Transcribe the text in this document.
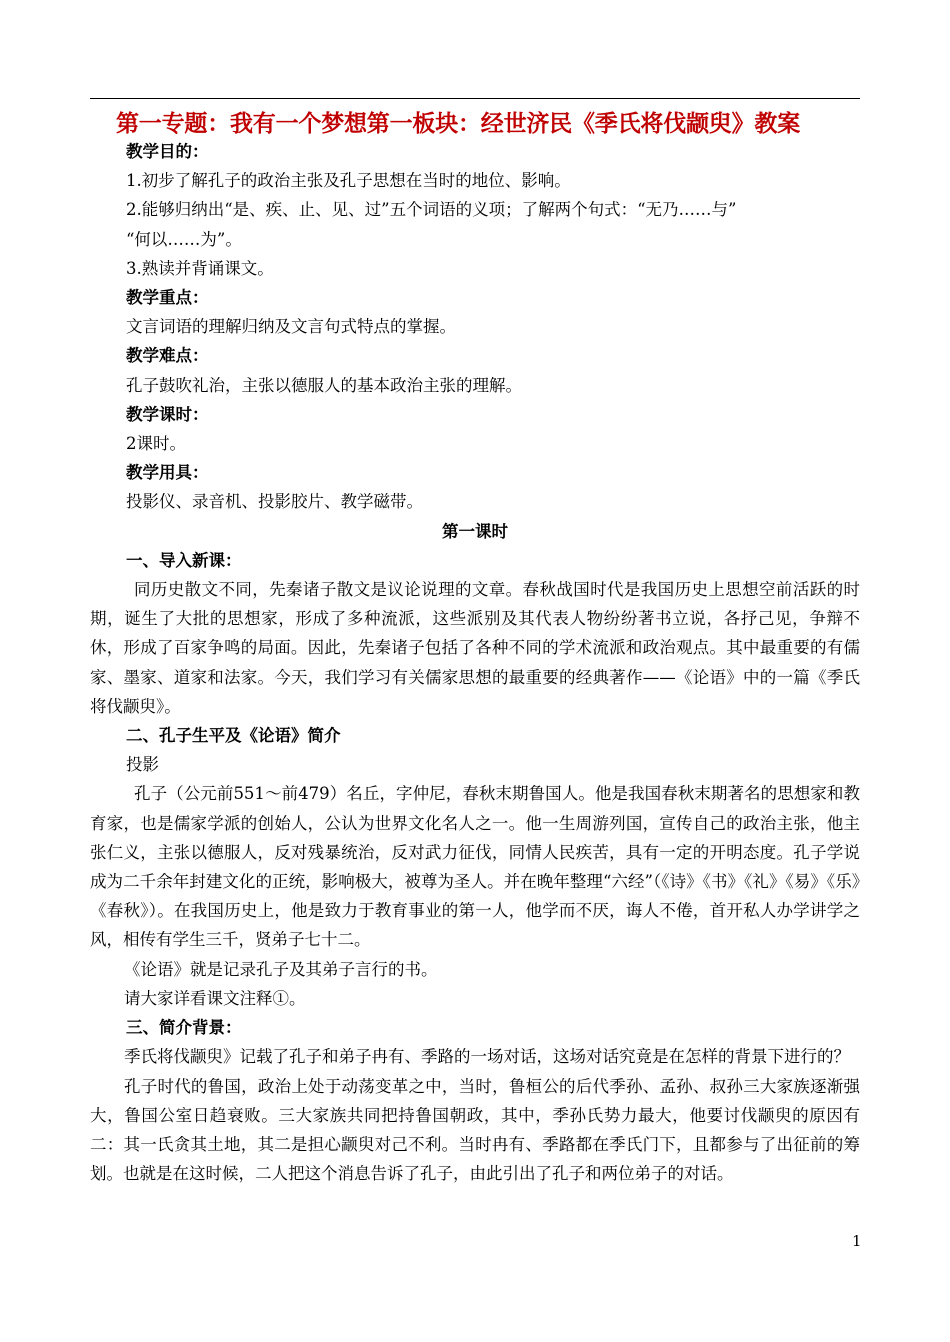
第一专题：我有一个梦想第一板块：经世济民《季氏将伐颛臾》教案

教学目的：

1.初步了解孔子的政治主张及孔子思想在当时的地位、影响。

2.能够归纳出“是、疾、止、见、过”五个词语的义项；了解两个句式：“无乃……与”

“何以……为”。

3.熟读并背诵课文。

教学重点：

文言词语的理解归纳及文言句式特点的掌握。

教学难点：

孔子鼓吹礼治，主张以德服人的基本政治主张的理解。

教学课时：

2课时。

教学用具：

投影仪、录音机、投影胶片、教学磁带。

第一课时

一、导入新课：

同历史散文不同，先秦诸子散文是议论说理的文章。春秋战国时代是我国历史上思想空前活跃的时期，诞生了大批的思想家，形成了多种流派，这些派别及其代表人物纷纷著书立说，各抒己见，争辩不休，形成了百家争鸣的局面。因此，先秦诸子包括了各种不同的学术流派和政治观点。其中最重要的有儒家、墨家、道家和法家。今天，我们学习有关儒家思想的最重要的经典著作——《论语》中的一篇《季氏将伐颛臾》。

二、孔子生平及《论语》简介

投影

孔子（公元前551～前479）名丘，字仲尼，春秋末期鲁国人。他是我国春秋末期著名的思想家和教育家，也是儒家学派的创始人，公认为世界文化名人之一。他一生周游列国，宣传自己的政治主张，他主张仁义，主张以德服人，反对残暴统治，反对武力征伐，同情人民疾苦，具有一定的开明态度。孔子学说成为二千余年封建文化的正统，影响极大，被尊为圣人。并在晚年整理“六经”（《诗》《书》《礼》《易》《乐》《春秋》）。在我国历史上，他是致力于教育事业的第一人，他学而不厌，诲人不倦，首开私人办学讲学之风，相传有学生三千，贤弟子七十二。

《论语》就是记录孔子及其弟子言行的书。

请大家详看课文注释①。

三、简介背景：

季氏将伐颛臾》记载了孔子和弟子冉有、季路的一场对话，这场对话究竟是在怎样的背景下进行的？

孔子时代的鲁国，政治上处于动荡变革之中，当时，鲁桓公的后代季孙、孟孙、叔孙三大家族逐渐强大，鲁国公室日趋衰败。三大家族共同把持鲁国朝政，其中，季孙氏势力最大，他要讨伐颛臾的原因有二：其一氏贪其土地，其二是担心颛臾对己不利。当时冉有、季路都在季氏门下，且都参与了出征前的筹划。也就是在这时候，二人把这个消息告诉了孔子，由此引出了孔子和两位弟子的对话。

1
